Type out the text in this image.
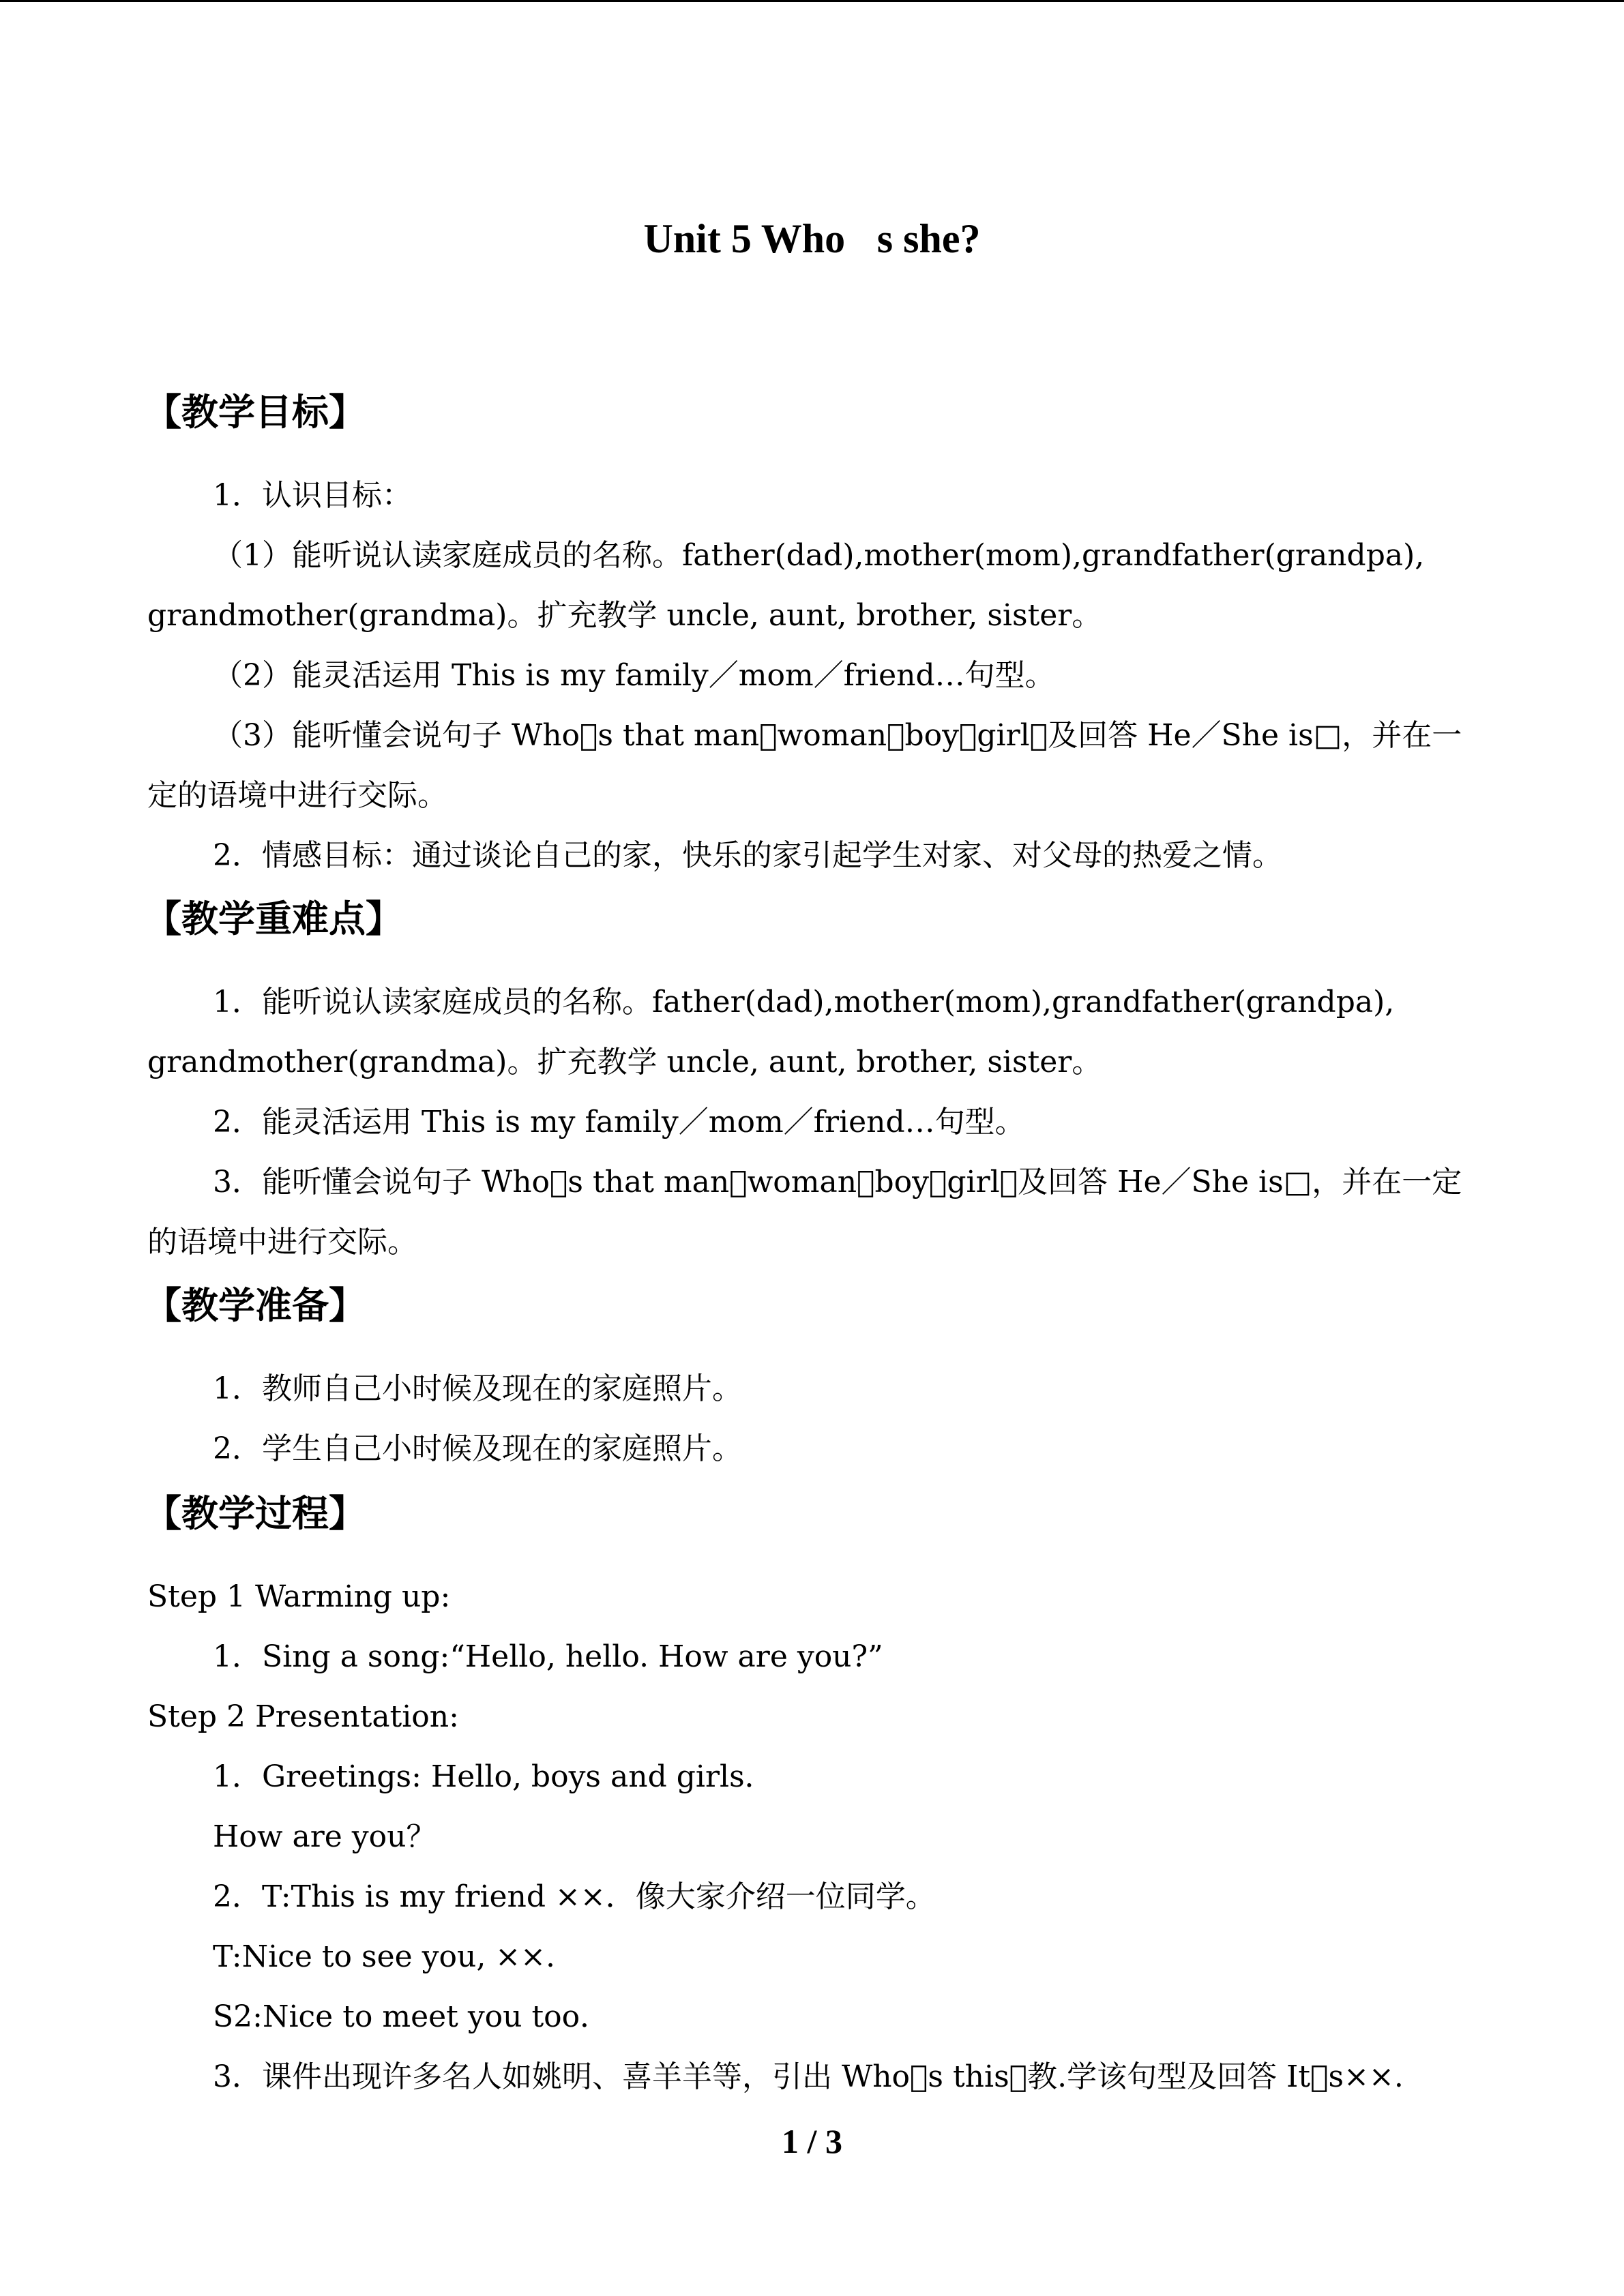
Unit 5 Who s she?
【教学目标】
1．认识目标：
（1）能听说认读家庭成员的名称。father(dad),mother(mom),grandfather(grandpa),
grandmother(grandma)。扩充教学 uncle, aunt, brother, sister。
（2）能灵活运用 This is my family／mom／friend…句型。
（3）能听懂会说句子 Who s that man／woman／boy／girl？及回答 He／She is□，并在一
定的语境中进行交际。
2．情感目标：通过谈论自己的家，快乐的家引起学生对家、对父母的热爱之情。
【教学重难点】
1．能听说认读家庭成员的名称。father(dad),mother(mom),grandfather(grandpa),
grandmother(grandma)。扩充教学 uncle, aunt, brother, sister。
2．能灵活运用 This is my family／mom／friend…句型。
3．能听懂会说句子 Who s that man／woman／boy／girl？及回答 He／She is□，并在一定
的语境中进行交际。
【教学准备】
1．教师自己小时候及现在的家庭照片。
2．学生自己小时候及现在的家庭照片。
【教学过程】
Step 1 Warming up:
1．Sing a song:“Hello, hello. How are you?”
Step 2 Presentation:
1．Greetings: Hello, boys and girls．
How are you？
2．T:This is my friend ××．像大家介绍一位同学。
T:Nice to see you, ××.
S2:Nice to meet you too．
3．课件出现许多名人如姚明、喜羊羊等，引出 Who s this？教.学该句型及回答 It s××.
1 / 3
